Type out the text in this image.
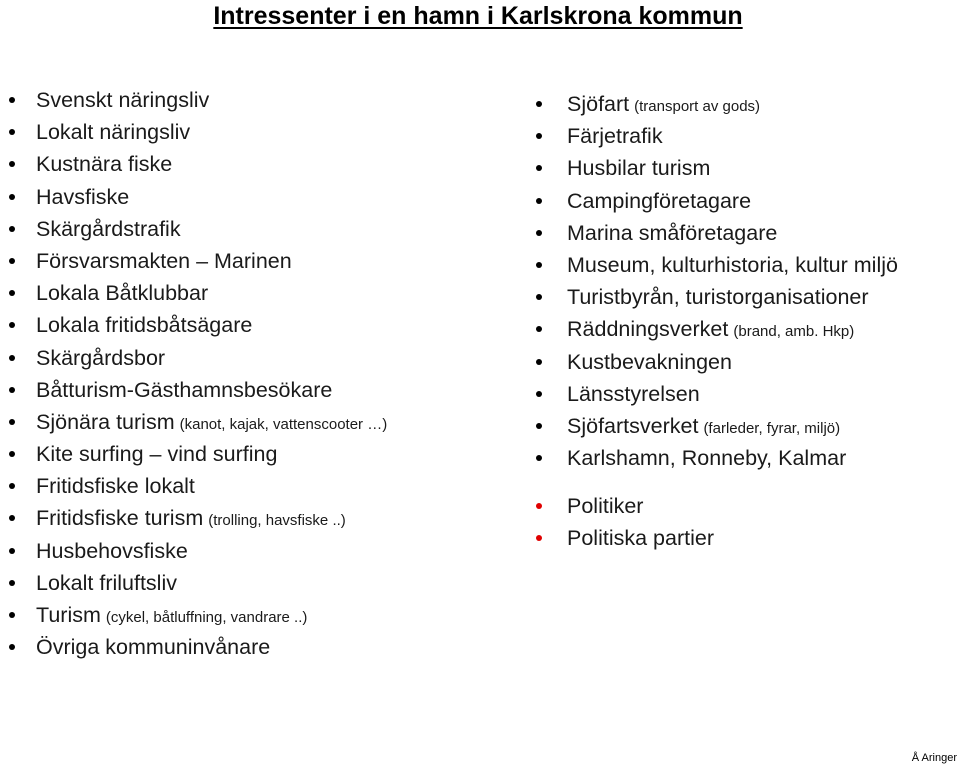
Intressenter i en hamn i Karlskrona kommun
Svenskt näringsliv
Lokalt näringsliv
Kustnära fiske
Havsfiske
Skärgårdstrafik
Försvarsmakten – Marinen
Lokala Båtklubbar
Lokala fritidsbåtsägare
Skärgårdsbor
Båtturism-Gästhamnsbesökare
Sjönära turism (kanot, kajak, vattenscooter …)
Kite surfing – vind surfing
Fritidsfiske lokalt
Fritidsfiske turism (trolling, havsfiske ..)
Husbehovsfiske
Lokalt friluftsliv
Turism (cykel, båtluffning, vandrare ..)
Övriga kommuninvånare
Sjöfart (transport av gods)
Färjetrafik
Husbilar turism
Campingföretagare
Marina småföretagare
Museum, kulturhistoria, kultur miljö
Turistbyrån, turistorganisationer
Räddningsverket (brand, amb. Hkp)
Kustbevakningen
Länsstyrelsen
Sjöfartsverket (farleder, fyrar, miljö)
Karlshamn, Ronneby, Kalmar
Politiker
Politiska partier
Å Aringer
